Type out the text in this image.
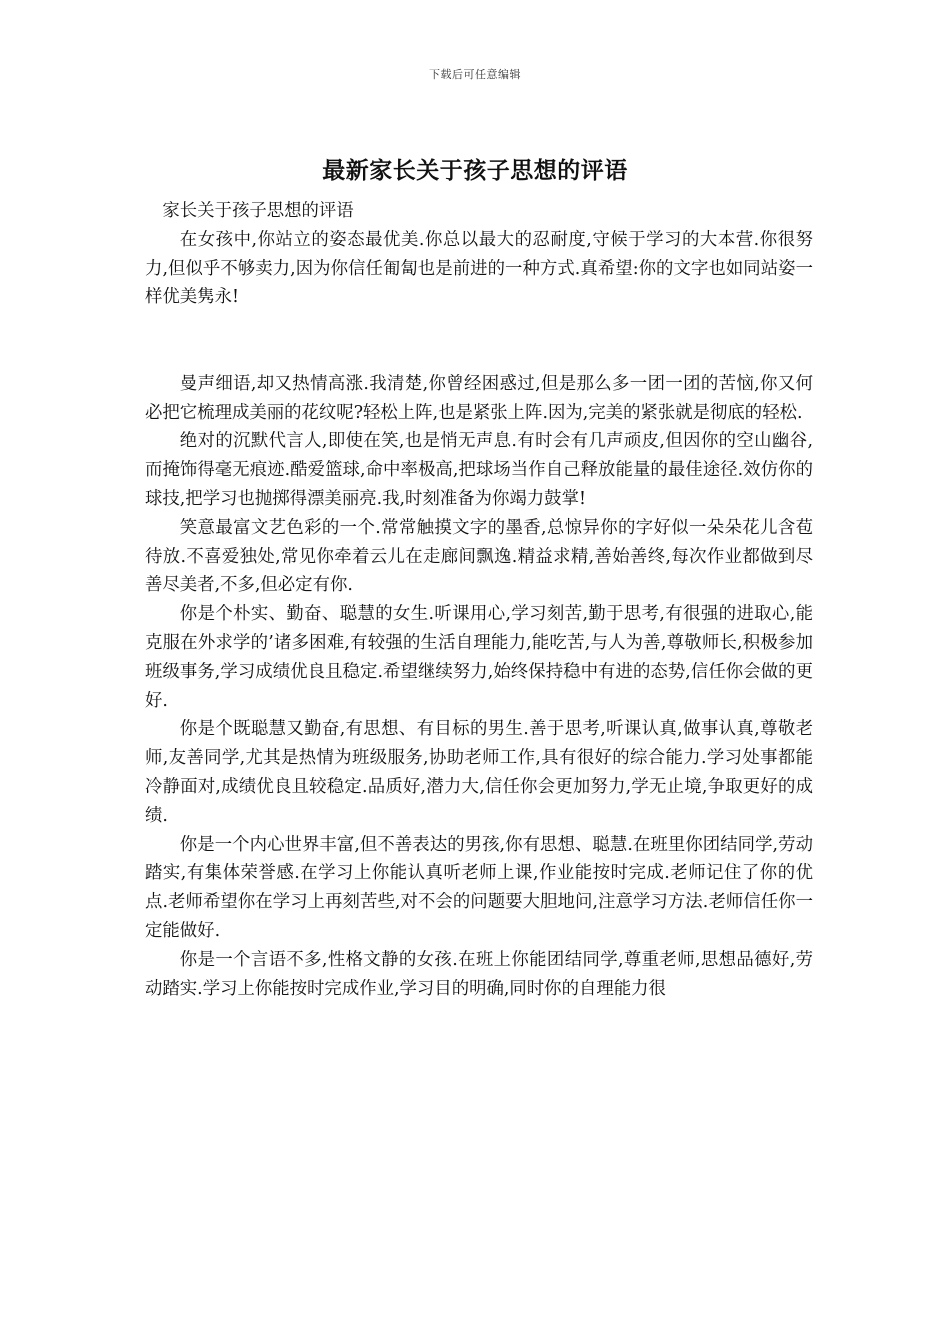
下载后可任意编辑
最新家长关于孩子思想的评语

家长关于孩子思想的评语

在女孩中,你站立的姿态最优美.你总以最大的忍耐度,守候于学习的大本营.你很努力,但似乎不够卖力,因为你信任匍匐也是前进的一种方式.真希望:你的文字也如同站姿一样优美隽永!

曼声细语,却又热情高涨.我清楚,你曾经困惑过,但是那么多一团一团的苦恼,你又何必把它梳理成美丽的花纹呢?轻松上阵,也是紧张上阵.因为,完美的紧张就是彻底的轻松.

绝对的沉默代言人,即使在笑,也是悄无声息.有时会有几声顽皮,但因你的空山幽谷,而掩饰得毫无痕迹.酷爱篮球,命中率极高,把球场当作自己释放能量的最佳途径.效仿你的球技,把学习也抛掷得漂美丽亮.我,时刻准备为你竭力鼓掌!

笑意最富文艺色彩的一个.常常触摸文字的墨香,总惊异你的字好似一朵朵花儿含苞待放.不喜爱独处,常见你牵着云儿在走廊间飘逸.精益求精,善始善终,每次作业都做到尽善尽美者,不多,但必定有你.

你是个朴实、勤奋、聪慧的女生.听课用心,学习刻苦,勤于思考,有很强的进取心,能克服在外求学的’诸多困难,有较强的生活自理能力,能吃苦,与人为善,尊敬师长,积极参加班级事务,学习成绩优良且稳定.希望继续努力,始终保持稳中有进的态势,信任你会做的更好.

你是个既聪慧又勤奋,有思想、有目标的男生.善于思考,听课认真,做事认真,尊敬老师,友善同学,尤其是热情为班级服务,协助老师工作,具有很好的综合能力.学习处事都能冷静面对,成绩优良且较稳定.品质好,潜力大,信任你会更加努力,学无止境,争取更好的成绩.

你是一个内心世界丰富,但不善表达的男孩,你有思想、聪慧.在班里你团结同学,劳动踏实,有集体荣誉感.在学习上你能认真听老师上课,作业能按时完成.老师记住了你的优点.老师希望你在学习上再刻苦些,对不会的问题要大胆地问,注意学习方法.老师信任你一定能做好.

你是一个言语不多,性格文静的女孩.在班上你能团结同学,尊重老师,思想品德好,劳动踏实.学习上你能按时完成作业,学习目的明确,同时你的自理能力很
